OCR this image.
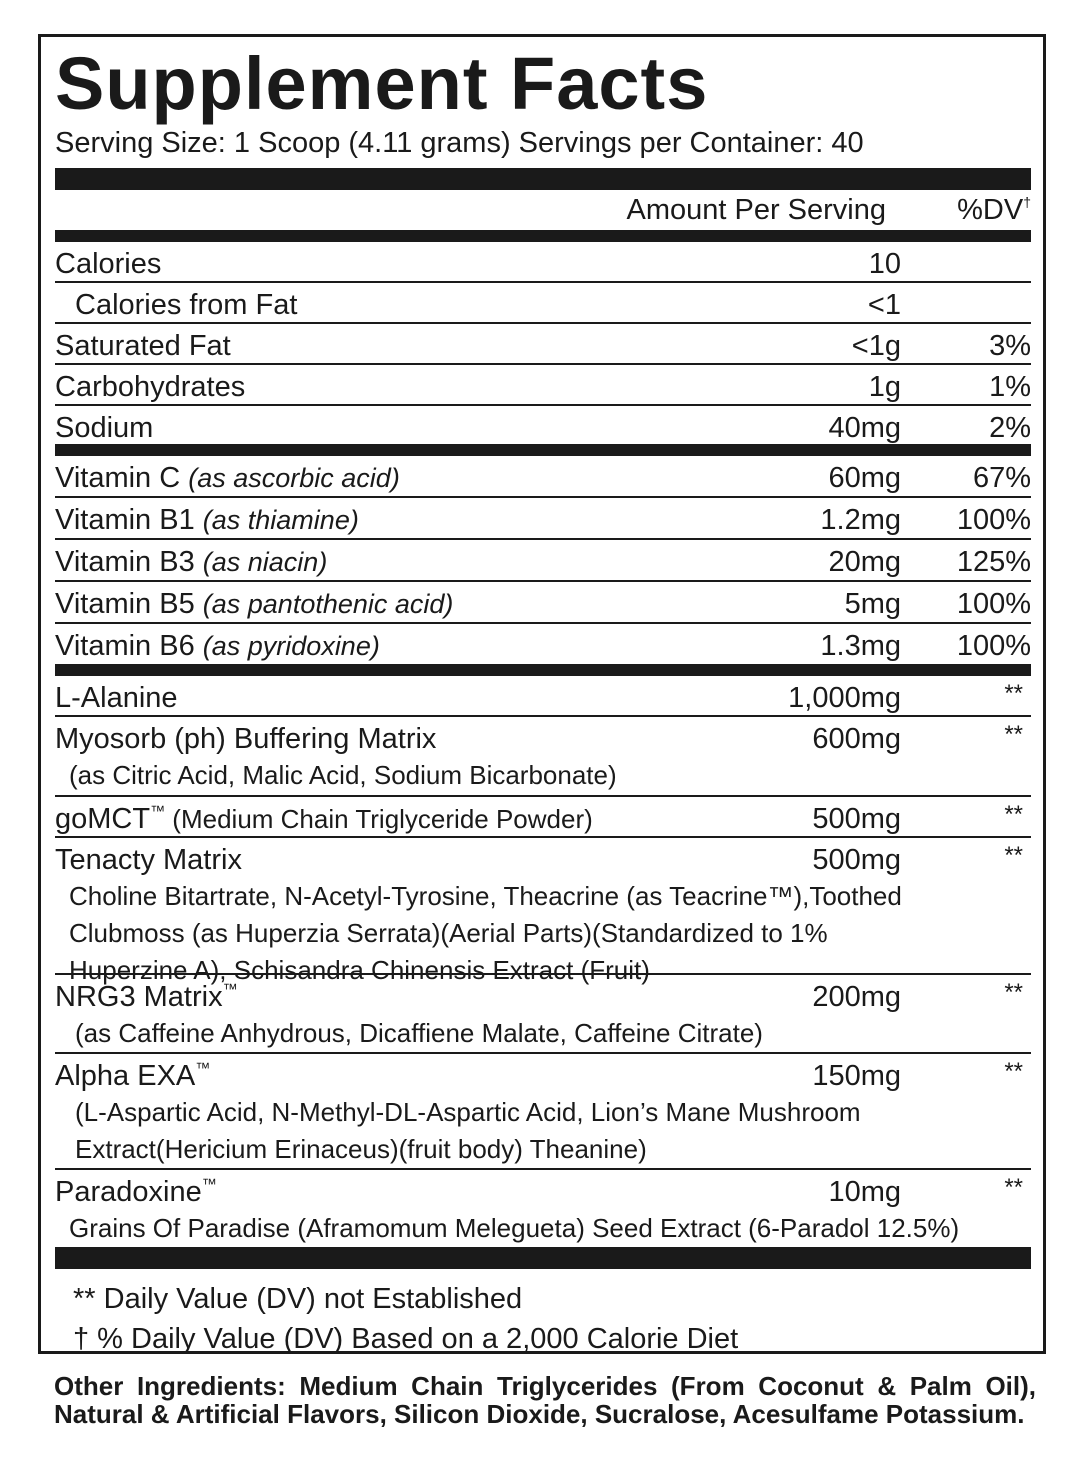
Supplement Facts
Serving Size: 1 Scoop (4.11 grams) Servings per Container: 40
Amount Per Serving %DV†
Calories	10
Calories from Fat	<1
Saturated Fat	<1g	3%
Carbohydrates	1g	1%
Sodium	40mg	2%
Vitamin C (as ascorbic acid)	60mg 67%
Vitamin B1 (as thiamine)	1.2mg 100%
Vitamin B3 (as niacin)	20mg 125%
Vitamin B5 (as pantothenic acid)	5mg 100%
Vitamin B6 (as pyridoxine)	1.3mg 100%
L-Alanine	1,000mg	**
Myosorb (ph) Buffering Matrix	600mg	**
(as Citric Acid, Malic Acid, Sodium Bicarbonate)
goMCT™ (Medium Chain Triglyceride Powder)	500mg	**
Tenacty Matrix	500mg	**
Choline Bitartrate, N-Acetyl-Tyrosine, Theacrine (as Teacrine™),Toothed
Clubmoss (as Huperzia Serrata)(Aerial Parts)(Standardized to 1%
Huperzine A), Schisandra Chinensis Extract (Fruit)
NRG3 Matrix™	200mg	**
(as Caffeine Anhydrous, Dicaffiene Malate, Caffeine Citrate)
Alpha EXA™	150mg	**
(L-Aspartic Acid, N-Methyl-DL-Aspartic Acid, Lion’s Mane Mushroom
Extract(Hericium Erinaceus)(fruit body) Theanine)
Paradoxine™	10mg	**
Grains Of Paradise (Aframomum Melegueta) Seed Extract (6-Paradol 12.5%)
** Daily Value (DV) not Established
† % Daily Value (DV) Based on a 2,000 Calorie Diet
Other Ingredients: Medium Chain Triglycerides (From Coconut & Palm Oil), Natural & Artificial Flavors, Silicon Dioxide, Sucralose, Acesulfame Potassium.
